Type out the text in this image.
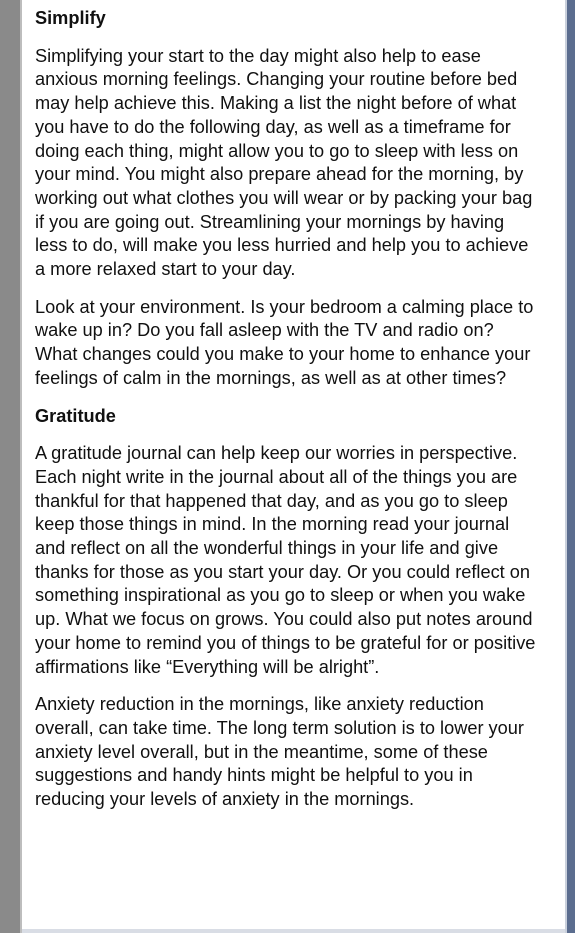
Simplify

Simplifying your start to the day might also help to ease anxious morning feelings. Changing your routine before bed may help achieve this. Making a list the night before of what you have to do the following day, as well as a timeframe for doing each thing, might allow you to go to sleep with less on your mind. You might also prepare ahead for the morning, by working out what clothes you will wear or by packing your bag if you are going out. Streamlining your mornings by having less to do, will make you less hurried and help you to achieve a more relaxed start to your day.

Look at your environment. Is your bedroom a calming place to wake up in? Do you fall asleep with the TV and radio on? What changes could you make to your home to enhance your feelings of calm in the mornings, as well as at other times?

Gratitude

A gratitude journal can help keep our worries in perspective. Each night write in the journal about all of the things you are thankful for that happened that day, and as you go to sleep keep those things in mind. In the morning read your journal and reflect on all the wonderful things in your life and give thanks for those as you start your day. Or you could reflect on something inspirational as you go to sleep or when you wake up. What we focus on grows. You could also put notes around your home to remind you of things to be grateful for or positive affirmations like “Everything will be alright”.

Anxiety reduction in the mornings, like anxiety reduction overall, can take time. The long term solution is to lower your anxiety level overall, but in the meantime, some of these suggestions and handy hints might be helpful to you in reducing your levels of anxiety in the mornings.
